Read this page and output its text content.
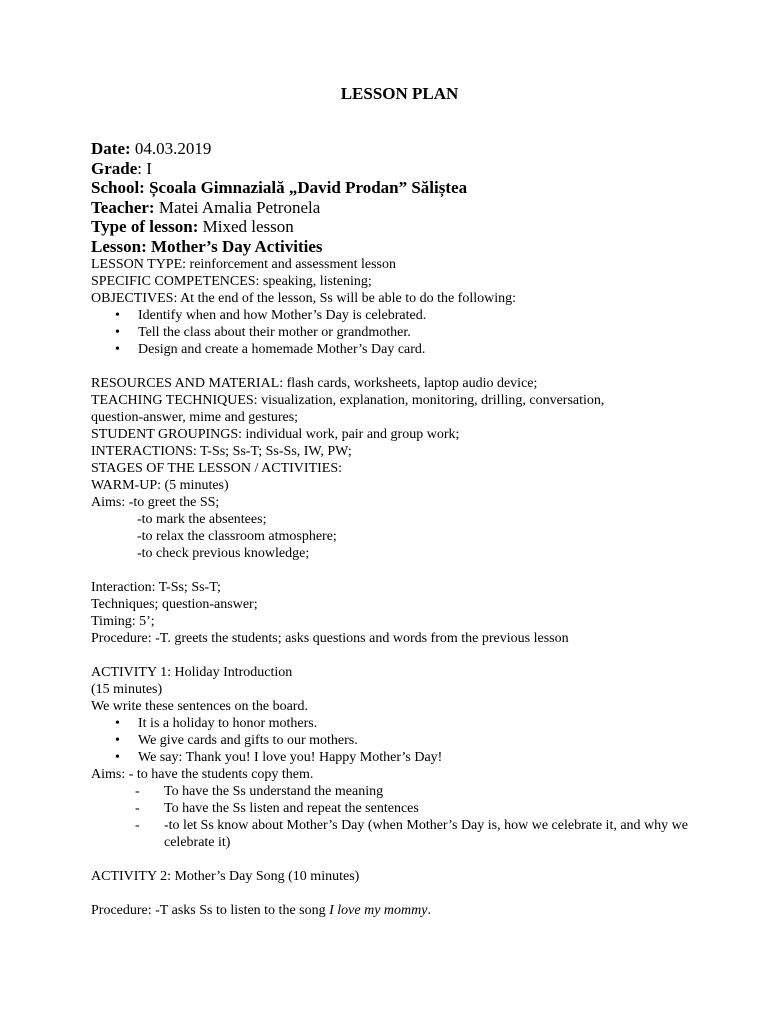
LESSON PLAN
Date: 04.03.2019
Grade: I
School: Școala Gimnazială „David Prodan” Săliștea
Teacher: Matei Amalia Petronela
Type of lesson: Mixed lesson
Lesson: Mother’s Day Activities

LESSON TYPE: reinforcement and assessment lesson

SPECIFIC COMPETENCES: speaking, listening;

OBJECTIVES: At the end of the lesson, Ss will be able to do the following:

• Identify when and how Mother’s Day is celebrated.
• Tell the class about their mother or grandmother.
• Design and create a homemade Mother’s Day card.

RESOURCES AND MATERIAL: flash cards, worksheets, laptop audio device;

TEACHING TECHNIQUES: visualization, explanation, monitoring, drilling, conversation,

question-answer, mime and gestures;

STUDENT GROUPINGS: individual work, pair and group work;

INTERACTIONS: T-Ss; Ss-T; Ss-Ss, IW, PW;

STAGES OF THE LESSON / ACTIVITIES:

WARM-UP: (5 minutes)

Aims: -to greet the SS;

-to mark the absentees;

-to relax the classroom atmosphere;

-to check previous knowledge;

Interaction: T-Ss; Ss-T;

Techniques; question-answer;

Timing: 5’;

Procedure: -T. greets the students; asks questions and words from the previous lesson

ACTIVITY 1: Holiday Introduction

(15 minutes)

We write these sentences on the board.

• It is a holiday to honor mothers.
• We give cards and gifts to our mothers.
• We say: Thank you! I love you! Happy Mother’s Day!

Aims: - to have the students copy them.

- To have the Ss understand the meaning
- To have the Ss listen and repeat the sentences
- -to let Ss know about Mother’s Day (when Mother’s Day is, how we celebrate it, and why we celebrate it)

ACTIVITY 2: Mother’s Day Song (10 minutes)

Procedure: -T asks Ss to listen to the song I love my mommy.
